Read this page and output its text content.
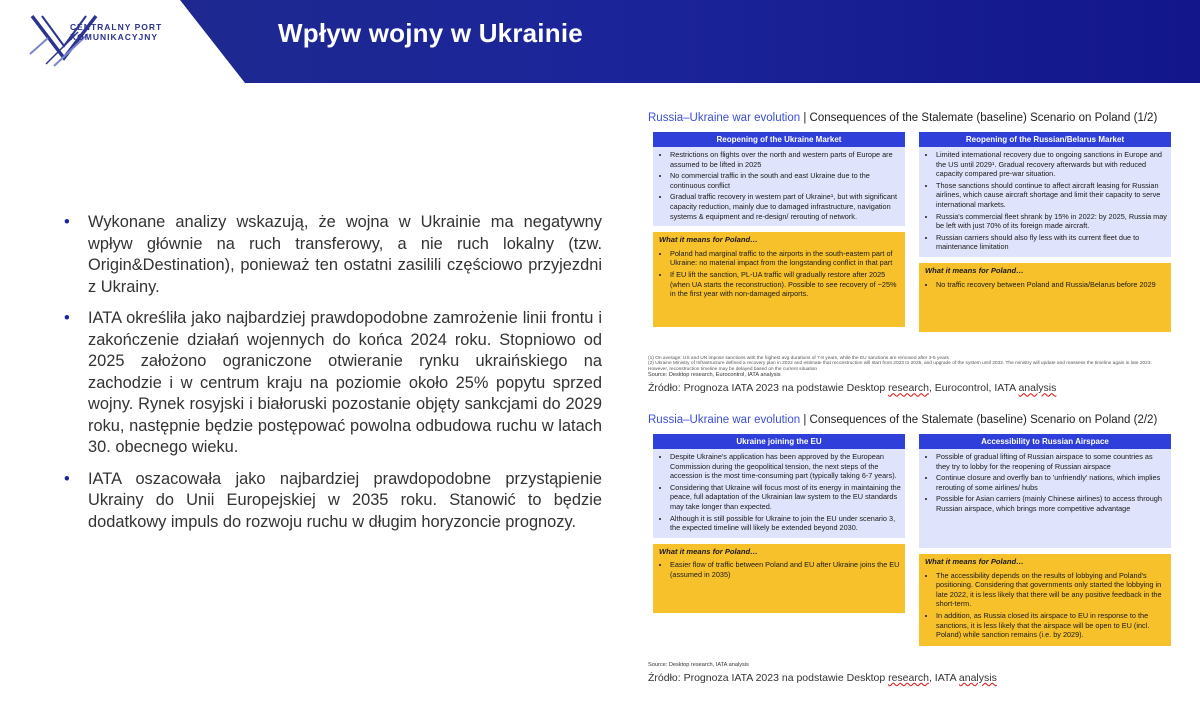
CENTRALNY PORT
KOMUNIKACYJNY	Wpływ wojny w Ukrainie
• Wykonane analizy wskazują, że wojna w Ukrainie ma negatywny wpływ głównie na ruch transferowy, a nie ruch lokalny (tzw. Origin&Destination), ponieważ ten ostatni zasilili częściowo przyjezdni z Ukrainy.
• IATA określiła jako najbardziej prawdopodobne zamrożenie linii frontu i zakończenie działań wojennych do końca 2024 roku. Stopniowo od 2025 założono ograniczone otwieranie rynku ukraińskiego na zachodzie i w centrum kraju na poziomie około 25% popytu sprzed wojny. Rynek rosyjski i białoruski pozostanie objęty sankcjami do 2029 roku, następnie będzie postępować powolna odbudowa ruchu w latach 30. obecnego wieku.
• IATA oszacowała jako najbardziej prawdopodobne przystąpienie Ukrainy do Unii Europejskiej w 2035 roku. Stanowić to będzie dodatkowy impuls do rozwoju ruchu w długim horyzoncie prognozy.
Russia–Ukraine war evolution | Consequences of the Stalemate (baseline) Scenario on Poland (1/2)
Reopening of the Ukraine Market
• Restrictions on flights over the north and western parts of Europe are assumed to be lifted in 2025
• No commercial traffic in the south and east Ukraine due to the continuous conflict
• Gradual traffic recovery in western part of Ukraine¹, but with significant capacity reduction, mainly due to damaged infrastructure, navigation systems & equipment and re-design/ rerouting of network.
What it means for Poland…
• Poland had marginal traffic to the airports in the south-eastern part of Ukraine: no material impact from the longstanding conflict in that part
• If EU lift the sanction, PL-UA traffic will gradually restore after 2025 (when UA starts the reconstruction). Possible to see recovery of ~25% in the first year with non-damaged airports.
Reopening of the Russian/Belarus Market
• Limited international recovery due to ongoing sanctions in Europe and the US until 2029¹. Gradual recovery afterwards but with reduced capacity compared pre-war situation.
• Those sanctions should continue to affect aircraft leasing for Russian airlines, which cause aircraft shortage and limit their capacity to serve international markets.
• Russia's commercial fleet shrank by 15% in 2022: by 2025, Russia may be left with just 70% of its foreign made aircraft.
• Russian carriers should also fly less with its current fleet due to maintenance limitation
What it means for Poland…
• No traffic recovery between Poland and Russia/Belarus before 2029
(1) On average: US and UN impose sanctions with the highest avg durations of 7-8 years, while the EU sanctions are removed after 3-5 years
(2) Ukraine Ministry of Infrastructure defined a recovery plan in 2022 and estimate that reconstruction will start from 2023 to 2025, and upgrade of the system until 2032. The ministry will update and reassess the timeline again in late 2023. However, reconstruction timeline may be delayed based on the current situation
Source: Desktop research, Eurocontrol, IATA analysis
Źródło: Prognoza IATA 2023 na podstawie Desktop research, Eurocontrol, IATA analysis
Russia–Ukraine war evolution | Consequences of the Stalemate (baseline) Scenario on Poland (2/2)
Ukraine joining the EU
• Despite Ukraine's application has been approved by the European Commission during the geopolitical tension, the next steps of the accession is the most time-consuming part (typically taking 6-7 years).
• Considering that Ukraine will focus most of its energy in maintaining the peace, full adaptation of the Ukrainian law system to the EU standards may take longer than expected.
• Although it is still possible for Ukraine to join the EU under scenario 3, the expected timeline will likely be extended beyond 2030.
What it means for Poland…
• Easier flow of traffic between Poland and EU after Ukraine joins the EU (assumed in 2035)
Accessibility to Russian Airspace
• Possible of gradual lifting of Russian airspace to some countries as they try to lobby for the reopening of Russian airspace
• Continue closure and overfly ban to 'unfriendly' nations, which implies rerouting of some airlines/ hubs
• Possible for Asian carriers (mainly Chinese airlines) to access through Russian airspace, which brings more competitive advantage
What it means for Poland…
• The accessibility depends on the results of lobbying and Poland's positioning. Considering that governments only started the lobbying in late 2022, it is less likely that there will be any positive feedback in the short-term.
• In addition, as Russia closed its airspace to EU in response to the sanctions, it is less likely that the airspace will be open to EU (incl. Poland) while sanction remains (i.e. by 2029).
Source: Desktop research, IATA analysis
Źródło: Prognoza IATA 2023 na podstawie Desktop research, IATA analysis
